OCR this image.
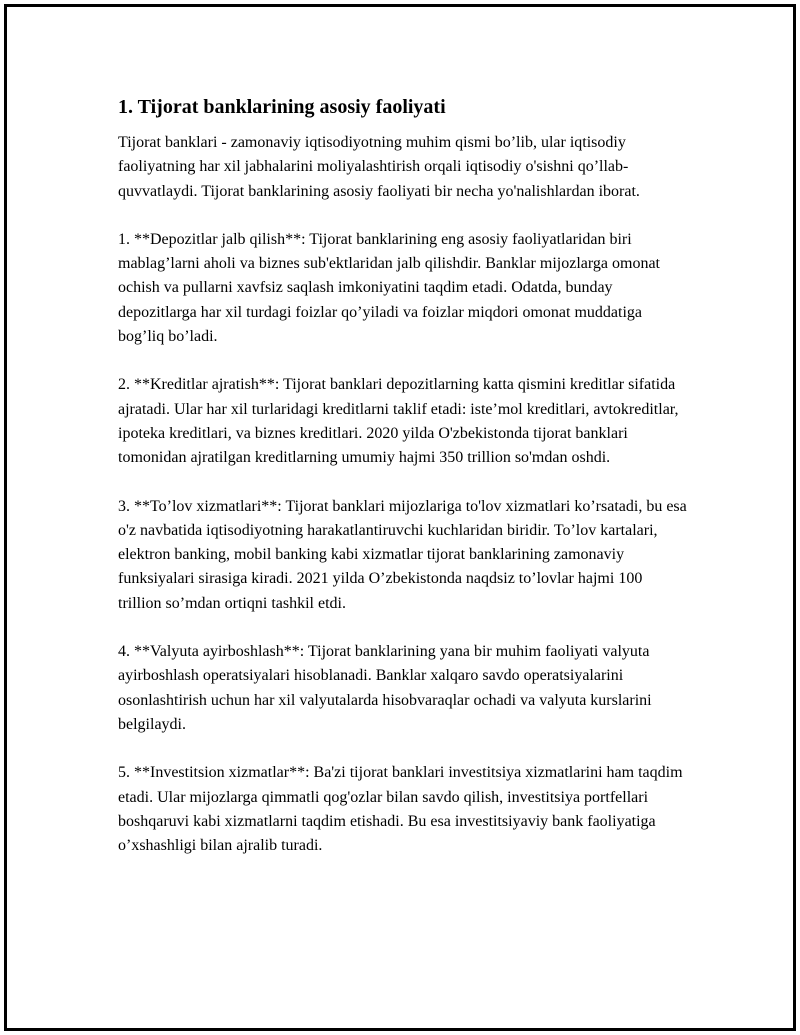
1. Tijorat banklarining asosiy faoliyati

Tijorat banklari - zamonaviy iqtisodiyotning muhim qismi bo’lib, ular iqtisodiy faoliyatning har xil jabhalarini moliyalashtirish orqali iqtisodiy o'sishni qo’llab-quvvatlaydi. Tijorat banklarining asosiy faoliyati bir necha yo'nalishlardan iborat.

1. **Depozitlar jalb qilish**: Tijorat banklarining eng asosiy faoliyatlaridan biri mablag’larni aholi va biznes sub'ektlaridan jalb qilishdir. Banklar mijozlarga omonat ochish va pullarni xavfsiz saqlash imkoniyatini taqdim etadi. Odatda, bunday depozitlarga har xil turdagi foizlar qo’yiladi va foizlar miqdori omonat muddatiga bog’liq bo’ladi.

2. **Kreditlar ajratish**: Tijorat banklari depozitlarning katta qismini kreditlar sifatida ajratadi. Ular har xil turlaridagi kreditlarni taklif etadi: iste’mol kreditlari, avtokreditlar, ipoteka kreditlari, va biznes kreditlari. 2020 yilda O'zbekistonda tijorat banklari tomonidan ajratilgan kreditlarning umumiy hajmi 350 trillion so'mdan oshdi.

3. **To’lov xizmatlari**: Tijorat banklari mijozlariga to'lov xizmatlari ko’rsatadi, bu esa o'z navbatida iqtisodiyotning harakatlantiruvchi kuchlaridan biridir. To’lov kartalari, elektron banking, mobil banking kabi xizmatlar tijorat banklarining zamonaviy funksiyalari sirasiga kiradi. 2021 yilda O’zbekistonda naqdsiz to’lovlar hajmi 100 trillion so’mdan ortiqni tashkil etdi.

4. **Valyuta ayirboshlash**: Tijorat banklarining yana bir muhim faoliyati valyuta ayirboshlash operatsiyalari hisoblanadi. Banklar xalqaro savdo operatsiyalarini osonlashtirish uchun har xil valyutalarda hisobvaraqlar ochadi va valyuta kurslarini belgilaydi.

5. **Investitsion xizmatlar**: Ba'zi tijorat banklari investitsiya xizmatlarini ham taqdim etadi. Ular mijozlarga qimmatli qog'ozlar bilan savdo qilish, investitsiya portfellari boshqaruvi kabi xizmatlarni taqdim etishadi. Bu esa investitsiyaviy bank faoliyatiga o’xshashligi bilan ajralib turadi.
